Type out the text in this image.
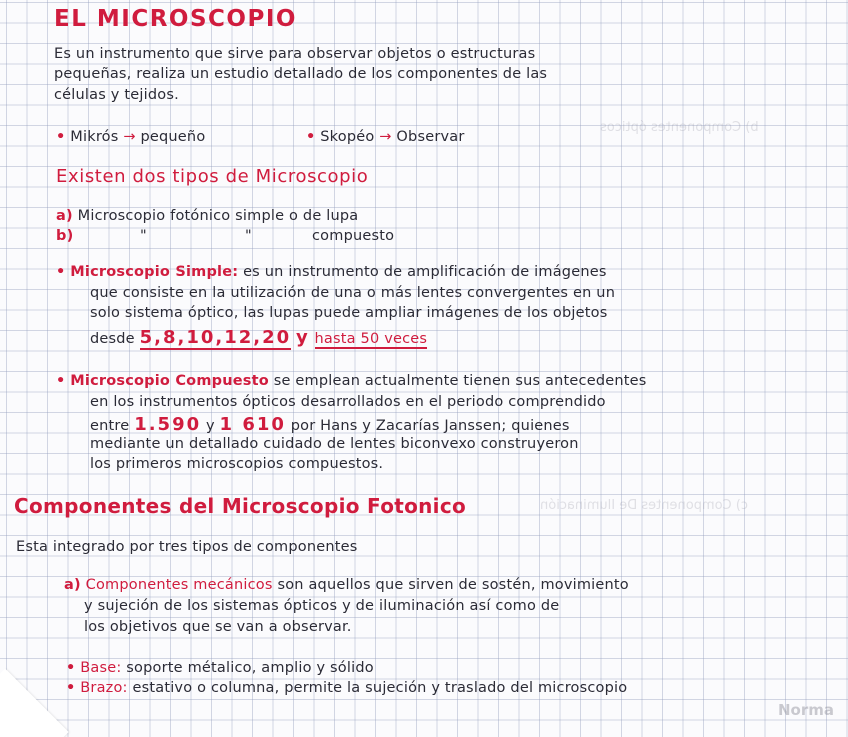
b) Componentes ópticos
c) Componentes De Iluminación
EL MICROSCOPIO
Es un instrumento que sirve para observar objetos o estructuras
pequeñas, realiza un estudio detallado de los componentes de las
células y tejidos.
• Mikrós → pequeño	• Skopéo → Observar
Existen dos tipos de Microscopio
a) Microscopio fotónico simple o de lupa
b)	"	"	compuesto
• Microscopio Simple: es un instrumento de amplificación de imágenes
que consiste en la utilización de una o más lentes convergentes en un
solo sistema óptico, las lupas puede ampliar imágenes de los objetos
desde 5,8,10,12,20 y hasta 50 veces
• Microscopio Compuesto se emplean actualmente tienen sus antecedentes
en los instrumentos ópticos desarrollados en el periodo comprendido
entre 1.590 y 1 610 por Hans y Zacarías Janssen; quienes
mediante un detallado cuidado de lentes biconvexo construyeron
los primeros microscopios compuestos.
Componentes del Microscopio Fotonico
Esta integrado por tres tipos de componentes
a) Componentes mecánicos son aquellos que sirven de sostén, movimiento
y sujeción de los sistemas ópticos y de iluminación así como de
los objetivos que se van a observar.
• Base: soporte métalico, amplio y sólido
• Brazo: estativo o columna, permite la sujeción y traslado del microscopio
Norma
